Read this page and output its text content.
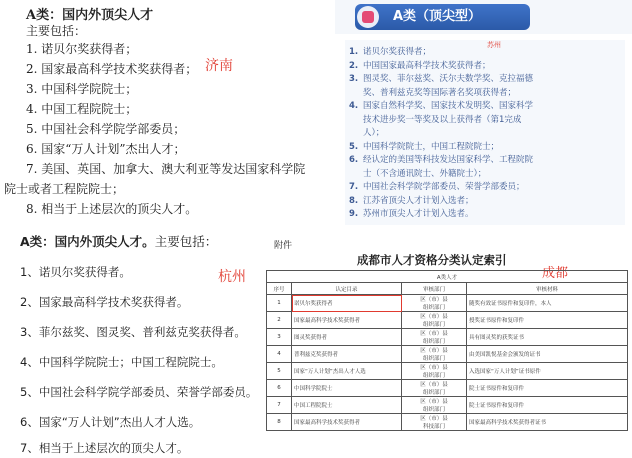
A类：国内外顶尖人才
主要包括：
1. 诺贝尔奖获得者；
2. 国家最高科学技术奖获得者；
3. 中国科学院院士；
4. 中国工程院院士；
5. 中国社会科学院学部委员；
6. 国家“万人计划”杰出人才；
7. 美国、英国、加拿大、澳大利亚等发达国家科学院
院士或者工程院院士；
8. 相当于上述层次的顶尖人才。
济南
A类（顶尖型）
苏州
1. 诺贝尔奖获得者；
2. 中国国家最高科学技术奖获得者；
3. 图灵奖、菲尔兹奖、沃尔夫数学奖、克拉福德
奖、普利兹克奖等国际著名奖项获得者；
4. 国家自然科学奖、国家技术发明奖、国家科学
技术进步奖一等奖及以上获得者（第1完成
人）；
5. 中国科学院院士，中国工程院院士；
6. 经认定的美国等科技发达国家科学、工程院院
士（不含通讯院士、外籍院士）；
7. 中国社会科学院学部委员、荣誉学部委员；
8. 江苏省顶尖人才计划入选者；
9. 苏州市顶尖人才计划入选者。
A类：国内外顶尖人才。主要包括：
1、诺贝尔奖获得者。
2、国家最高科学技术奖获得者。
3、菲尔兹奖、图灵奖、普利兹克奖获得者。
4、中国科学院院士；中国工程院院士。
5、中国社会科学院学部委员、荣誉学部委员。
6、国家“万人计划”杰出人才人选。
7、相当于上述层次的顶尖人才。
杭州
附件
成都市人才资格分类认定索引
成都
A类人才			
序号	认定目录	审核部门	审核材料
1	诺贝尔奖获得者	区（市）县
组织部门	随奖有效证书原件和复印件，本人
2	国家最高科学技术奖获得者	区（市）县
组织部门	授奖证书原件和复印件
3	图灵奖获得者	区（市）县
组织部门	具有图灵奖的获奖证书
4	普利兹克奖获得者	区（市）县
组织部门	由美国凯悦基金会颁发的证书
5	国家“万人计划”杰出人才人选	区（市）县
组织部门	入选国家“万人计划”证书原件
6	中国科学院院士	区（市）县
组织部门	院士证书原件和复印件
7	中国工程院院士	区（市）县
组织部门	院士证书原件和复印件
8	国家最高科学技术奖获得者	区（市）县
科技部门	国家最高科学技术奖获得者证书
